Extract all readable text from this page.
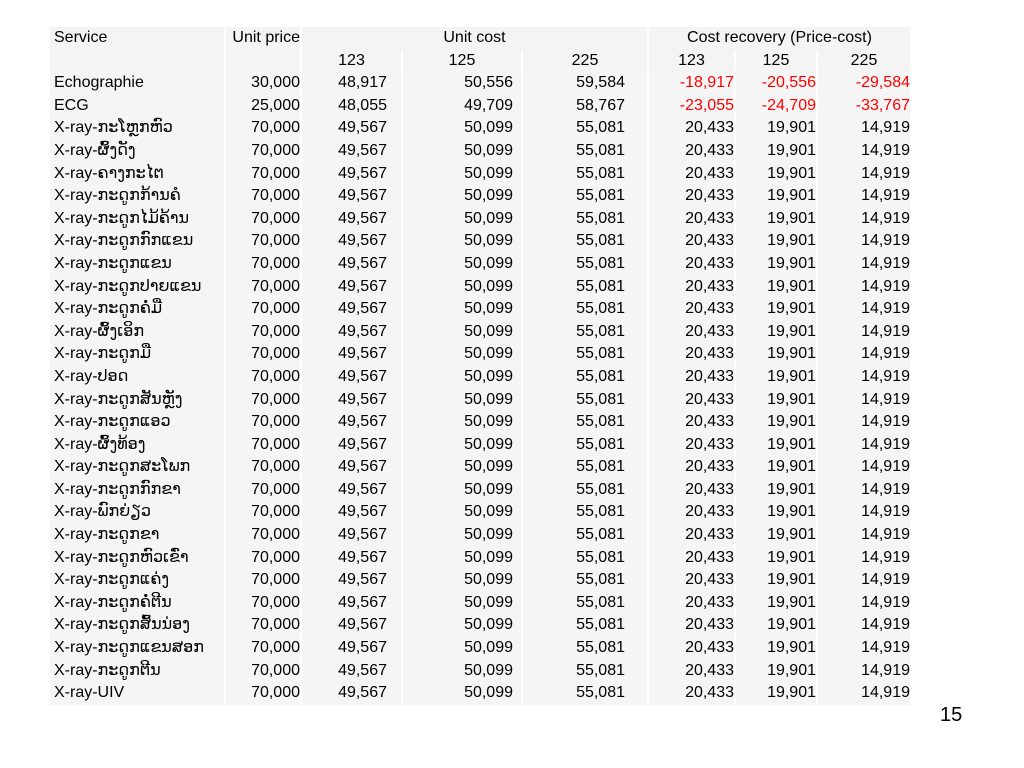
Service	Unit price	Unit cost			Cost recovery (Price-cost)		
		123	125	225	123	125	225
Echographie	30,000	48,917	50,556	59,584	-18,917	-20,556	-29,584
ECG	25,000	48,055	49,709	58,767	-23,055	-24,709	-33,767
X-ray-ກະໂຫຼກຫົວ	70,000	49,567	50,099	55,081	20,433	19,901	14,919
X-ray-ຜົ້ງດັງ	70,000	49,567	50,099	55,081	20,433	19,901	14,919
X-ray-ຄາງກະໄຕ	70,000	49,567	50,099	55,081	20,433	19,901	14,919
X-ray-ກະດູກກ້ານຄໍ	70,000	49,567	50,099	55,081	20,433	19,901	14,919
X-ray-ກະດູກໄມ້ຄ້ານ	70,000	49,567	50,099	55,081	20,433	19,901	14,919
X-ray-ກະດູກກົກແຂນ	70,000	49,567	50,099	55,081	20,433	19,901	14,919
X-ray-ກະດູກແຂນ	70,000	49,567	50,099	55,081	20,433	19,901	14,919
X-ray-ກະດູກປາຍແຂນ	70,000	49,567	50,099	55,081	20,433	19,901	14,919
X-ray-ກະດູກຄໍ່ມື	70,000	49,567	50,099	55,081	20,433	19,901	14,919
X-ray-ຜົ້ງເອິກ	70,000	49,567	50,099	55,081	20,433	19,901	14,919
X-ray-ກະດູກມື	70,000	49,567	50,099	55,081	20,433	19,901	14,919
X-ray-ປອດ	70,000	49,567	50,099	55,081	20,433	19,901	14,919
X-ray-ກະດູກສັນຫຼັງ	70,000	49,567	50,099	55,081	20,433	19,901	14,919
X-ray-ກະດູກແອວ	70,000	49,567	50,099	55,081	20,433	19,901	14,919
X-ray-ຜົ້ງທ້ອງ	70,000	49,567	50,099	55,081	20,433	19,901	14,919
X-ray-ກະດູກສະໂພກ	70,000	49,567	50,099	55,081	20,433	19,901	14,919
X-ray-ກະດູກກົກຂາ	70,000	49,567	50,099	55,081	20,433	19,901	14,919
X-ray-ພົກຍ່ຽວ	70,000	49,567	50,099	55,081	20,433	19,901	14,919
X-ray-ກະດູກຂາ	70,000	49,567	50,099	55,081	20,433	19,901	14,919
X-ray-ກະດູກຫົວເຂົ່າ	70,000	49,567	50,099	55,081	20,433	19,901	14,919
X-ray-ກະດູກແຄ່ງ	70,000	49,567	50,099	55,081	20,433	19,901	14,919
X-ray-ກະດູກຄໍ່ຕີນ	70,000	49,567	50,099	55,081	20,433	19,901	14,919
X-ray-ກະດູກສົ້ນນ່ອງ	70,000	49,567	50,099	55,081	20,433	19,901	14,919
X-ray-ກະດູກແຂນສອກ	70,000	49,567	50,099	55,081	20,433	19,901	14,919
X-ray-ກະດູກຕີນ	70,000	49,567	50,099	55,081	20,433	19,901	14,919
X-ray-UIV	70,000	49,567	50,099	55,081	20,433	19,901	14,919
15
